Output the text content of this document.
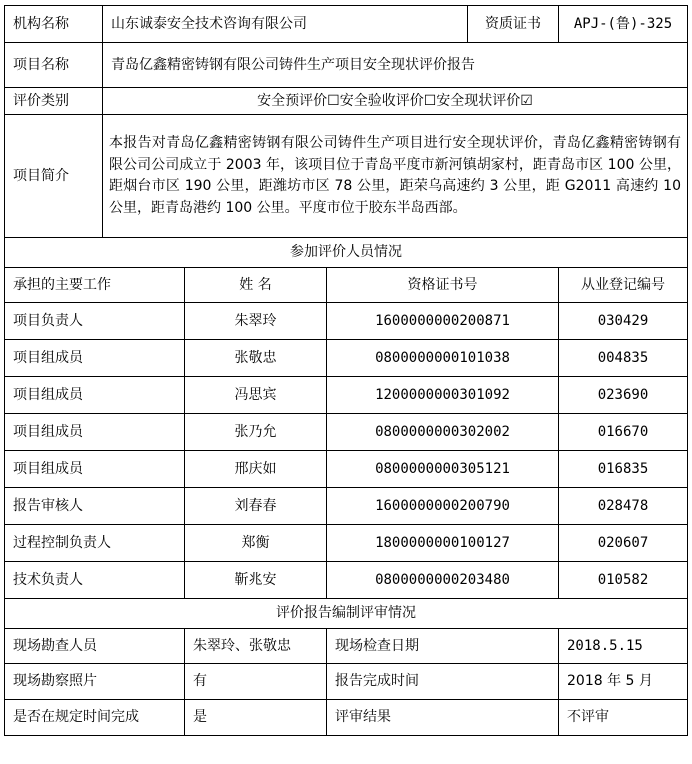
机构名称	山东诚泰安全技术咨询有限公司			资质证书	APJ-(鲁)-325
项目名称	青岛亿鑫精密铸钢有限公司铸件生产项目安全现状评价报告				
评价类别	安全预评价☐安全验收评价☐安全现状评价☑				
项目简介	本报告对青岛亿鑫精密铸钢有限公司铸件生产项目进行安全现状评价，青岛亿鑫精密铸钢有限公司公司成立于 2003 年，该项目位于青岛平度市新河镇胡家村，距青岛市区 100 公里，距烟台市区 190 公里，距潍坊市区 78 公里，距荣乌高速约 3 公里，距 G2011 高速约 10 公里，距青岛港约 100 公里。平度市位于胶东半岛西部。				
参加评价人员情况					
承担的主要工作		姓 名	资格证书号		从业登记编号
项目负责人		朱翠玲	1600000000200871		030429
项目组成员		张敬忠	0800000000101038		004835
项目组成员		冯思宾	1200000000301092		023690
项目组成员		张乃允	0800000000302002		016670
项目组成员		邢庆如	0800000000305121		016835
报告审核人		刘春春	1600000000200790		028478
过程控制负责人		郑衡	1800000000100127		020607
技术负责人		靳兆安	0800000000203480		010582
评价报告编制评审情况					
现场勘查人员		朱翠玲、张敬忠	现场检查日期		2018.5.15
现场勘察照片		有	报告完成时间		2018 年 5 月
是否在规定时间完成		是	评审结果		不评审
